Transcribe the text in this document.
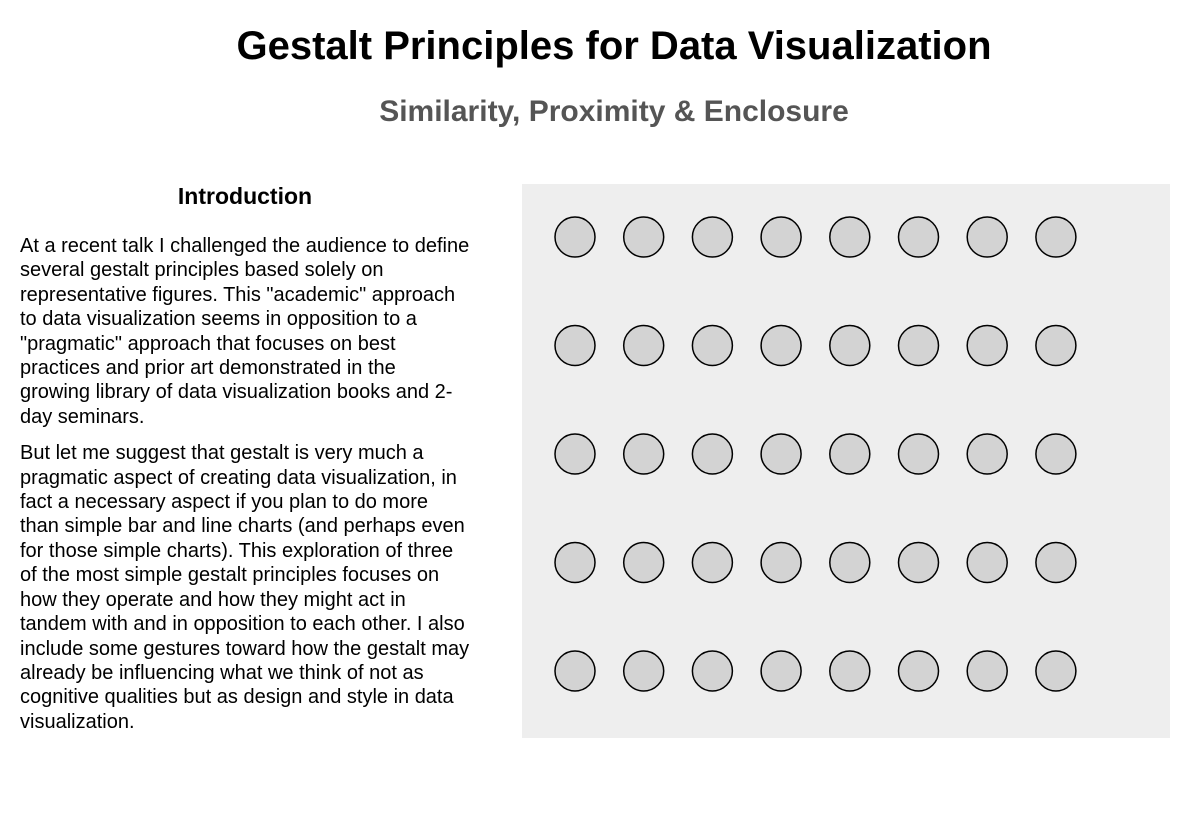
Gestalt Principles for Data Visualization
Similarity, Proximity & Enclosure
Introduction

At a recent talk I challenged the audience to define several gestalt principles based solely on representative figures. This "academic" approach to data visualization seems in opposition to a "pragmatic" approach that focuses on best practices and prior art demonstrated in the growing library of data visualization books and 2-day seminars.

But let me suggest that gestalt is very much a pragmatic aspect of creating data visualization, in fact a necessary aspect if you plan to do more than simple bar and line charts (and perhaps even for those simple charts). This exploration of three of the most simple gestalt principles focuses on how they operate and how they might act in tandem with and in opposition to each other. I also include some gestures toward how the gestalt may already be influencing what we think of not as cognitive qualities but as design and style in data visualization.
